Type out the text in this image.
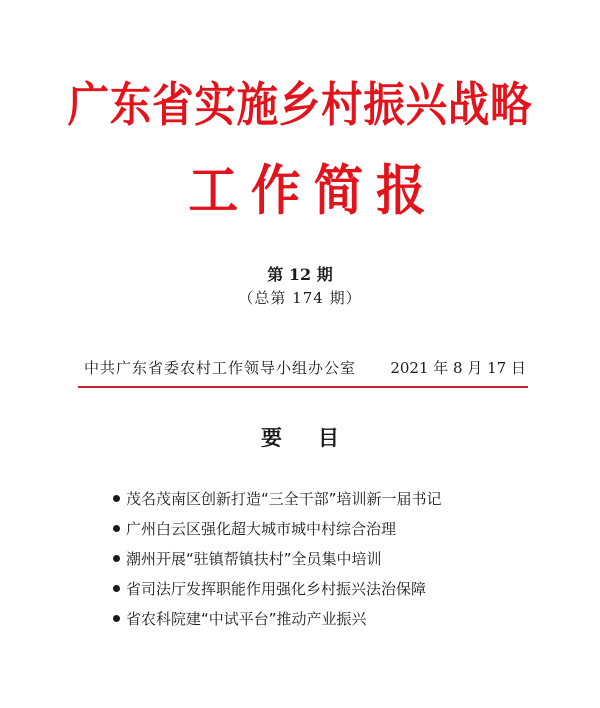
广东省实施乡村振兴战略
工作简报
第 12 期
（总第 174 期）
中共广东省委农村工作领导小组办公室 2021 年 8 月 17 日
要目
茂名茂南区创新打造“三全干部”培训新一届书记
广州白云区强化超大城市城中村综合治理
潮州开展“驻镇帮镇扶村”全员集中培训
省司法厅发挥职能作用强化乡村振兴法治保障
省农科院建“中试平台”推动产业振兴
